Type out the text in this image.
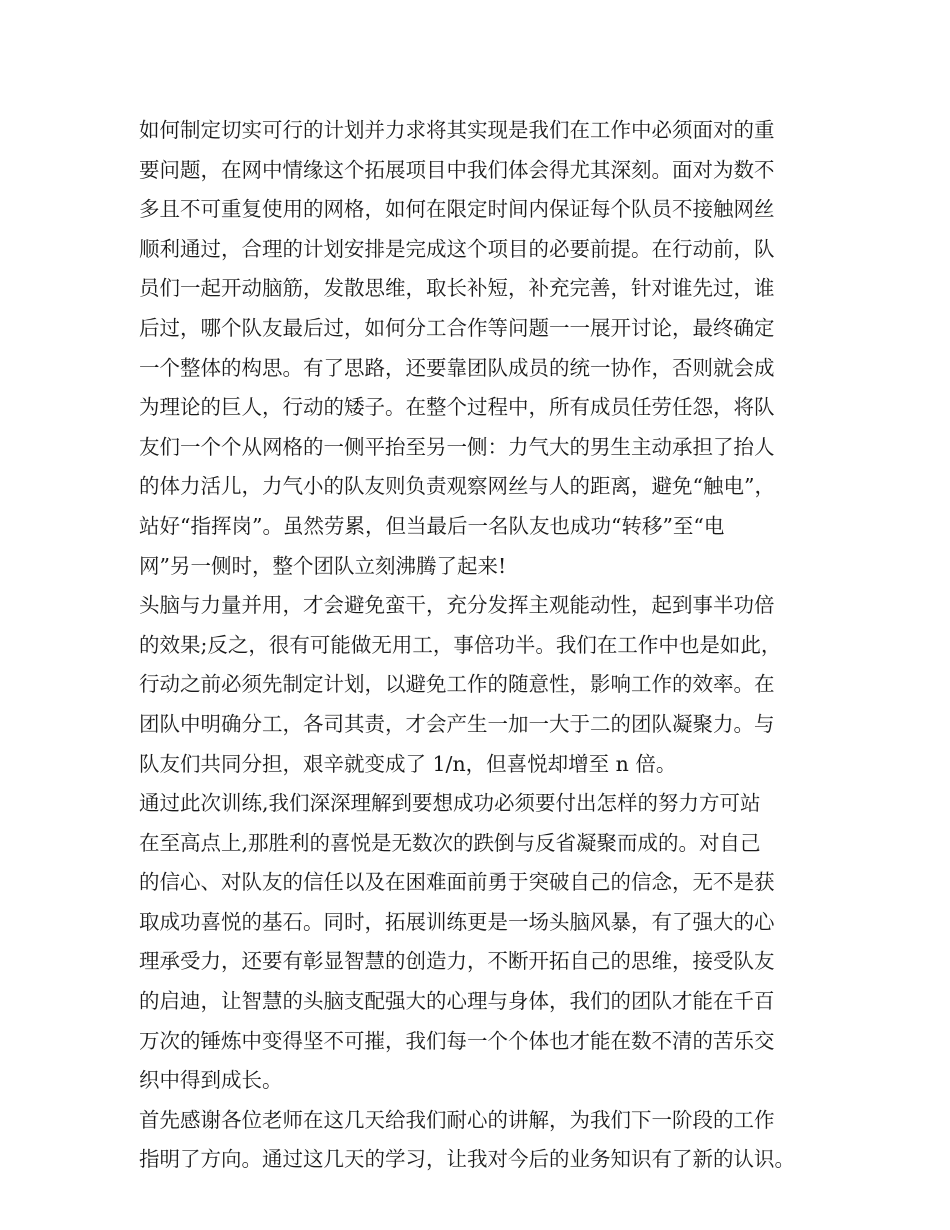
如何制定切实可行的计划并力求将其实现是我们在工作中必须面对的重
要问题，在网中情缘这个拓展项目中我们体会得尤其深刻。面对为数不
多且不可重复使用的网格，如何在限定时间内保证每个队员不接触网丝
顺利通过，合理的计划安排是完成这个项目的必要前提。在行动前，队
员们一起开动脑筋，发散思维，取长补短，补充完善，针对谁先过，谁
后过，哪个队友最后过，如何分工合作等问题一一展开讨论，最终确定
一个整体的构思。有了思路，还要靠团队成员的统一协作，否则就会成
为理论的巨人，行动的矮子。在整个过程中，所有成员任劳任怨，将队
友们一个个从网格的一侧平抬至另一侧：力气大的男生主动承担了抬人
的体力活儿，力气小的队友则负责观察网丝与人的距离，避免“触电”，
站好“指挥岗”。虽然劳累，但当最后一名队友也成功“转移”至“电
网”另一侧时，整个团队立刻沸腾了起来!
头脑与力量并用，才会避免蛮干，充分发挥主观能动性，起到事半功倍
的效果;反之，很有可能做无用工，事倍功半。我们在工作中也是如此，
行动之前必须先制定计划，以避免工作的随意性，影响工作的效率。在
团队中明确分工，各司其责，才会产生一加一大于二的团队凝聚力。与
队友们共同分担，艰辛就变成了 1/n，但喜悦却增至 n 倍。
通过此次训练,我们深深理解到要想成功必须要付出怎样的努力方可站
在至高点上,那胜利的喜悦是无数次的跌倒与反省凝聚而成的。对自己
的信心、对队友的信任以及在困难面前勇于突破自己的信念，无不是获
取成功喜悦的基石。同时，拓展训练更是一场头脑风暴，有了强大的心
理承受力，还要有彰显智慧的创造力，不断开拓自己的思维，接受队友
的启迪，让智慧的头脑支配强大的心理与身体，我们的团队才能在千百
万次的锤炼中变得坚不可摧，我们每一个个体也才能在数不清的苦乐交
织中得到成长。
首先感谢各位老师在这几天给我们耐心的讲解，为我们下一阶段的工作
指明了方向。通过这几天的学习，让我对今后的业务知识有了新的认识。
